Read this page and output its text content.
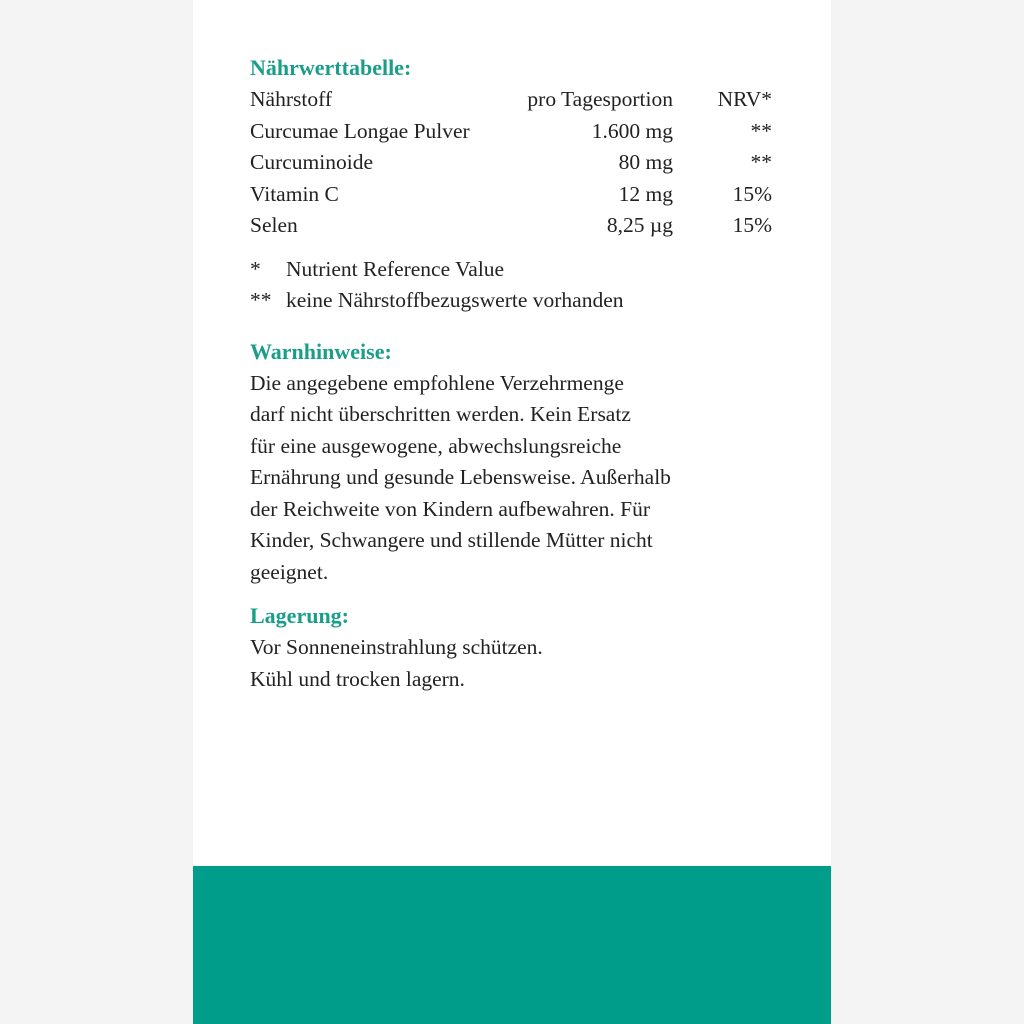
Nährwerttabelle:
Nährstoff	pro Tagesportion	NRV*
Curcumae Longae Pulver	1.600 mg	**
Curcuminoide	80 mg	**
Vitamin C	12 mg	15%
Selen	8,25 µg	15%
*	Nutrient Reference Value
** keine Nährstoffbezugswerte vorhanden
Warnhinweise:

Die angegebene empfohlene Verzehrmenge

darf nicht überschritten werden. Kein Ersatz

für eine ausgewogene, abwechslungsreiche

Ernährung und gesunde Lebensweise. Außerhalb

der Reichweite von Kindern aufbewahren. Für

Kinder, Schwangere und stillende Mütter nicht

geeignet.

Lagerung:

Vor Sonneneinstrahlung schützen.

Kühl und trocken lagern.
